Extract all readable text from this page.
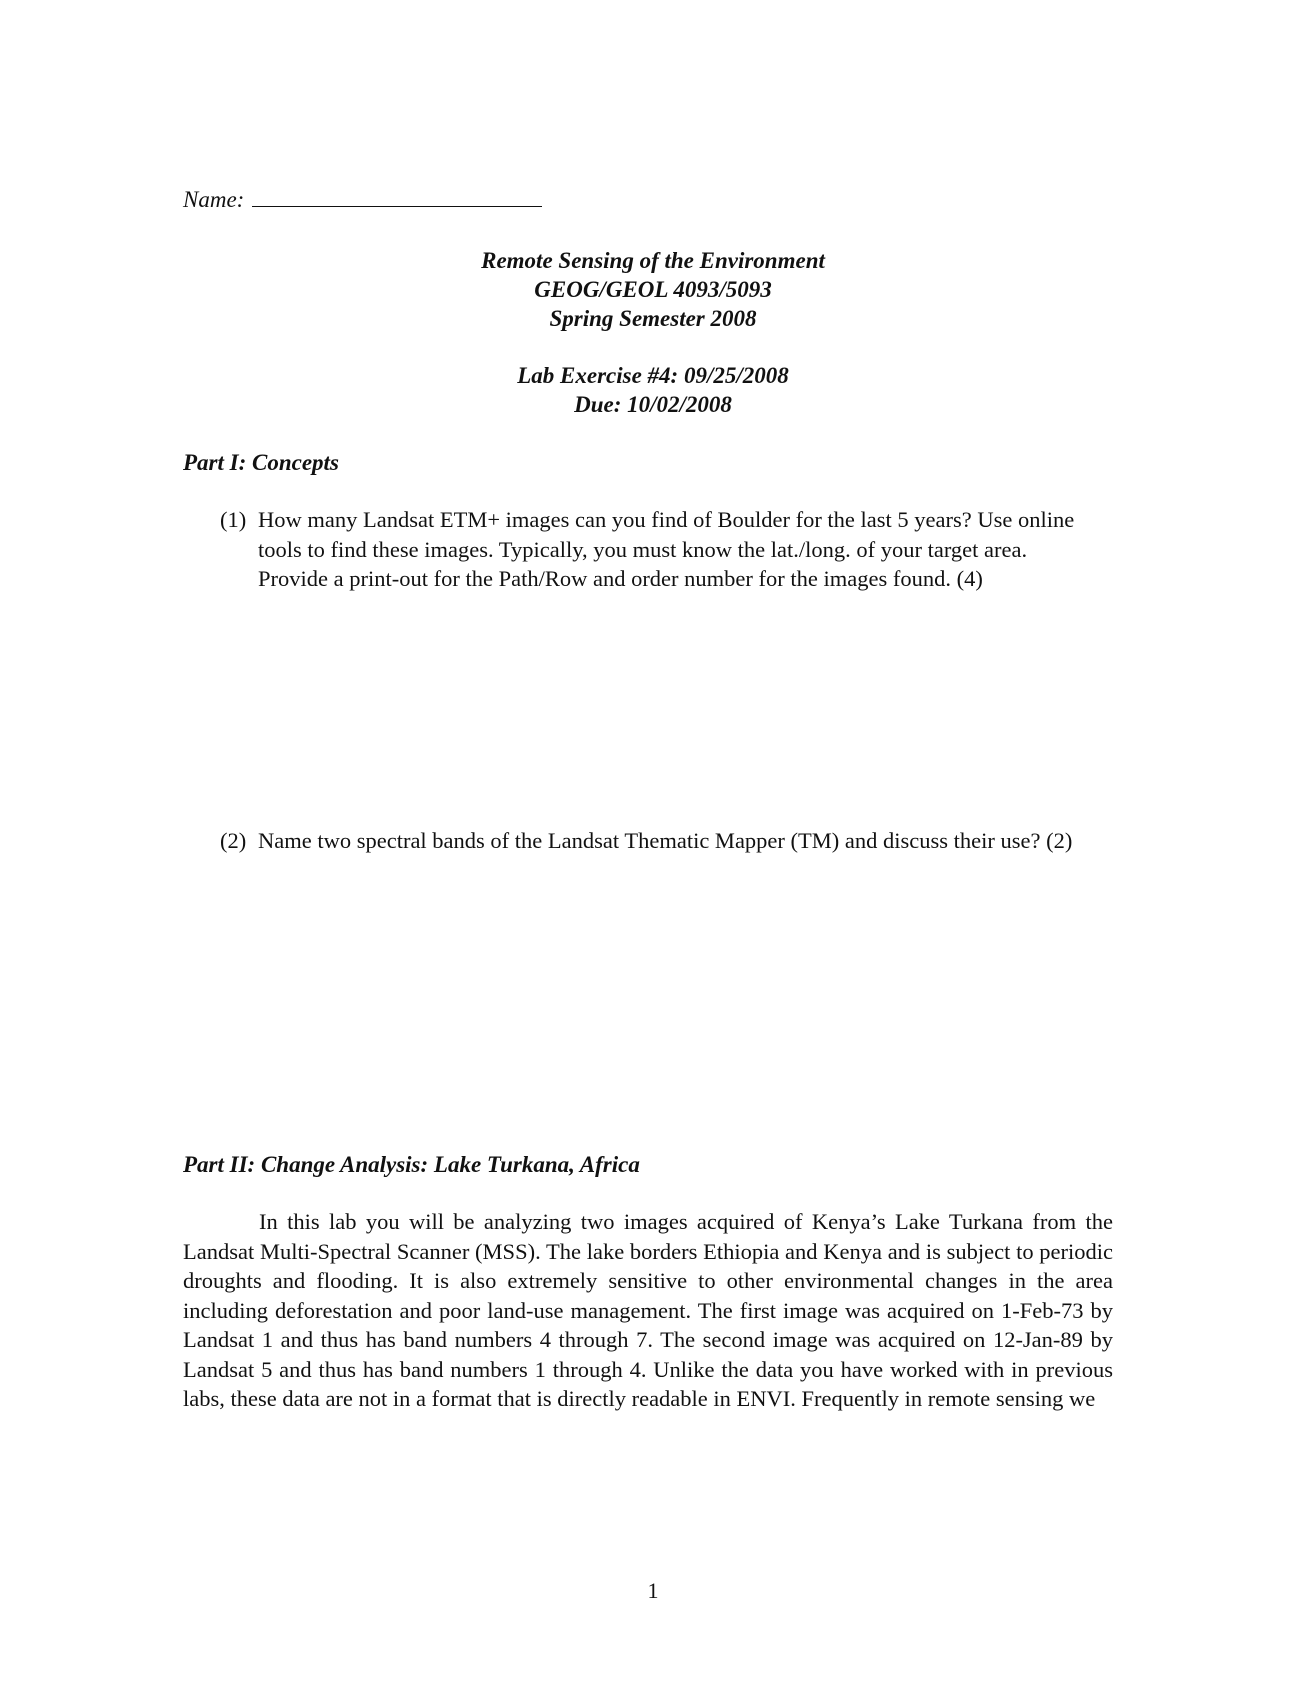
Name:
Remote Sensing of the Environment
GEOG/GEOL 4093/5093
Spring Semester 2008
Lab Exercise #4: 09/25/2008
Due: 10/02/2008
Part I: Concepts
(1) How many Landsat ETM+ images can you find of Boulder for the last 5 years? Use online tools to find these images. Typically, you must know the lat./long. of your target area. Provide a print-out for the Path/Row and order number for the images found. (4)
(2) Name two spectral bands of the Landsat Thematic Mapper (TM) and discuss their use? (2)
Part II: Change Analysis: Lake Turkana, Africa
In this lab you will be analyzing two images acquired of Kenya’s Lake Turkana from the Landsat Multi-Spectral Scanner (MSS). The lake borders Ethiopia and Kenya and is subject to periodic droughts and flooding. It is also extremely sensitive to other environmental changes in the area including deforestation and poor land-use management. The first image was acquired on 1-Feb-73 by Landsat 1 and thus has band numbers 4 through 7. The second image was acquired on 12-Jan-89 by Landsat 5 and thus has band numbers 1 through 4. Unlike the data you have worked with in previous labs, these data are not in a format that is directly readable in ENVI. Frequently in remote sensing we
1
